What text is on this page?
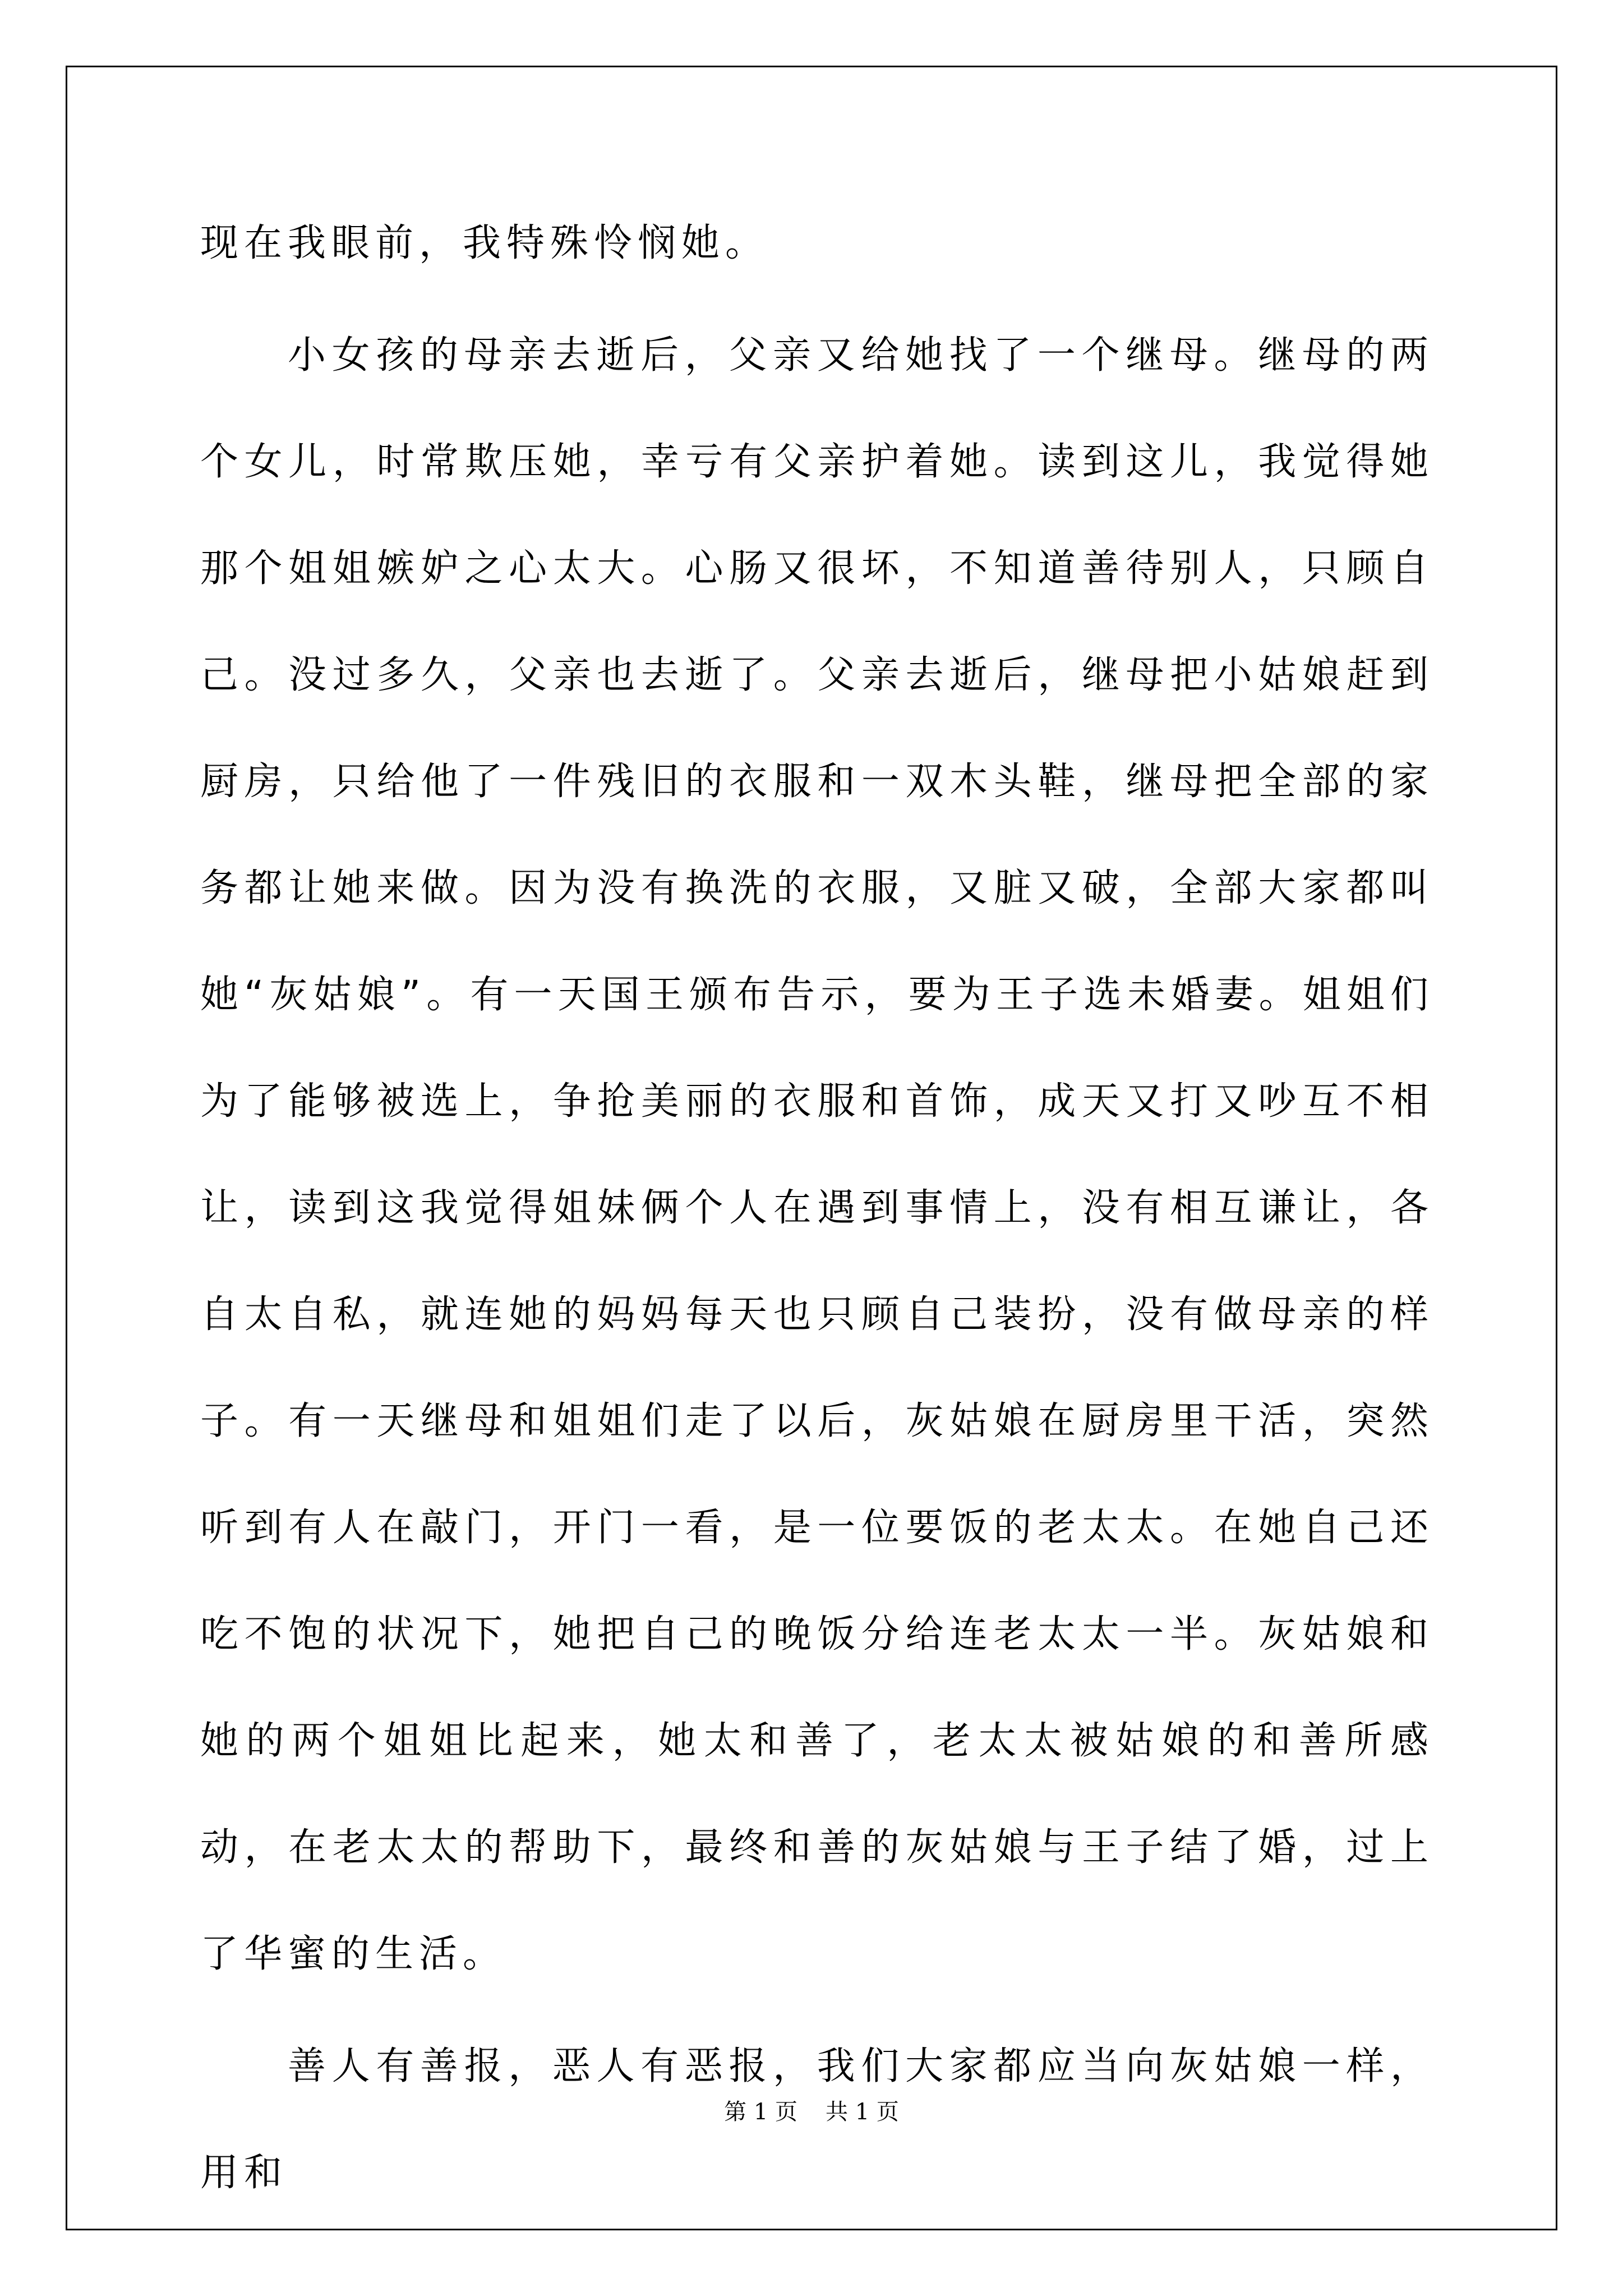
现在我眼前，我特殊怜悯她。

小女孩的母亲去逝后，父亲又给她找了一个继母。继母的两个女儿，时常欺压她，幸亏有父亲护着她。读到这儿，我觉得她那个姐姐嫉妒之心太大。心肠又很坏，不知道善待别人，只顾自己。没过多久，父亲也去逝了。父亲去逝后，继母把小姑娘赶到厨房，只给他了一件残旧的衣服和一双木头鞋，继母把全部的家务都让她来做。因为没有换洗的衣服，又脏又破，全部大家都叫她“灰姑娘”。有一天国王颁布告示，要为王子选未婚妻。姐姐们为了能够被选上，争抢美丽的衣服和首饰，成天又打又吵互不相让，读到这我觉得姐妹俩个人在遇到事情上，没有相互谦让，各自太自私，就连她的妈妈每天也只顾自己装扮，没有做母亲的样子。有一天继母和姐姐们走了以后，灰姑娘在厨房里干活，突然听到有人在敲门，开门一看，是一位要饭的老太太。在她自己还吃不饱的状况下，她把自己的晚饭分给连老太太一半。灰姑娘和她的两个姐姐比起来，她太和善了，老太太被姑娘的和善所感动，在老太太的帮助下，最终和善的灰姑娘与王子结了婚，过上了华蜜的生活。

善人有善报，恶人有恶报，我们大家都应当向灰姑娘一样，用和

第 1 页 共 1 页
